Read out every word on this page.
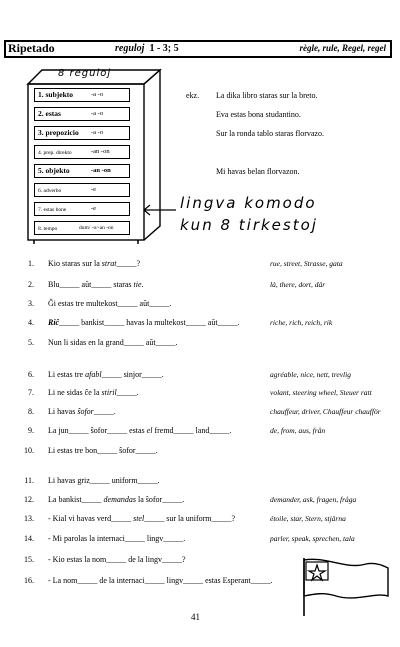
Ripetado	reguloj 1 - 3; 5	règle, rule, Regel, regel
8 reguloj
1. subjekto	-a -o
2. estas	-a -o
3. prepozicio -a -o
4. prep. direkto	-an -on
5. objekto	-an -on
6. adverbo	-e
7. estas bone	-e
8. tempo	dum/ -o/-an -on
lingva komodo
kun 8 tirkestoj
ekz. La dika libro staras sur la breto.
Eva estas bona studantino.
Sur la ronda tablo staras florvazo.
Mi havas belan florvazon.
1. Kio staras sur la strat_____?	rue, street, Strasse, gata
2. Blu_____ aŭt_____ staras tie.	là, there, dort, där
3. Ĝi estas tre multekost_____ aŭt_____.
4. Riĉ_____ bankist_____ havas la multekost_____ aŭt_____.	riche, rich, reich, rik
5. Nun li sidas en la grand_____ aŭt_____.
6. Li estas tre afabl_____ sinjor_____.	agréable, nice, nett, trevlig
7. Li ne sidas ĉe la stiril_____.	volant, steering wheel, Steuer ratt
8. Li havas ŝofor_____.	chauffeur, driver, Chauffeur chaufför
9. La jun_____ ŝofor_____ estas el fremd_____ land_____.	de, from, aus, från
10. Li estas tre bon_____ ŝofor_____.
11. Li havas griz_____ uniform_____.
12. La bankist_____ demandas la ŝofor_____.	demander, ask, fragen, fråga
13. - Kial vi havas verd_____ stel_____ sur la uniform_____?	étoile, star, Stern, stjärna
14. - Mi parolas la internaci_____ lingv_____.	parler, speak, sprechen, tala
15. - Kio estas la nom_____ de la lingv_____?
16. - La nom_____ de la internaci_____ lingv_____ estas Esperant_____.
41
